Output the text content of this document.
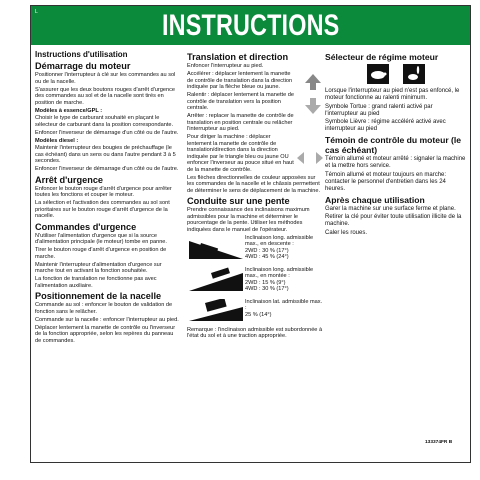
L	INSTRUCTIONS
Instructions d'utilisation
Démarrage du moteur

Positionner l'interrupteur à clé sur les commandes au sol ou de la nacelle.

S'assurer que les deux boutons rouges d'arrêt d'urgence des commandes au sol et de la nacelle sont tirés en position de marche.

Modèles à essence/GPL :

Choisir le type de carburant souhaité en plaçant le sélecteur de carburant dans la position correspondante.

Enfoncer l'inverseur de démarrage d'un côté ou de l'autre.

Modèles diesel :

Maintenir l'interrupteur des bougies de préchauffage (le cas échéant) dans un sens ou dans l'autre pendant 3 à 5 secondes.

Enfoncer l'inverseur de démarrage d'un côté ou de l'autre.

Arrêt d'urgence

Enfoncer le bouton rouge d'arrêt d'urgence pour arrêter toutes les fonctions et couper le moteur.

La sélection et l'activation des commandes au sol sont prioritaires sur le bouton rouge d'arrêt d'urgence de la nacelle.

Commandes d'urgence

N'utiliser l'alimentation d'urgence que si la source d'alimentation principale (le moteur) tombe en panne.

Tirer le bouton rouge d'arrêt d'urgence en position de marche.

Maintenir l'interrupteur d'alimentation d'urgence sur marche tout en activant la fonction souhaitée.

La fonction de translation ne fonctionne pas avec l'alimentation auxiliaire.

Positionnement de la nacelle

Commande au sol : enfoncer le bouton de validation de fonction sans le relâcher.

Commande sur la nacelle : enfoncer l'interrupteur au pied.

Déplacer lentement la manette de contrôle ou l'inverseur de la fonction appropriée, selon les repères du panneau de commandes.

Translation et direction

Enfoncer l'interrupteur au pied.

Accélérer : déplacer lentement la manette de contrôle de translation dans la direction indiquée par la flèche bleue ou jaune.

Ralentir : déplacer lentement la manette de contrôle de translation vers la position centrale.

Arrêter : replacer la manette de contrôle de translation en position centrale ou relâcher l'interrupteur au pied.

Pour diriger la machine : déplacer lentement la manette de contrôle de translation/direction dans la direction indiquée par le triangle bleu ou jaune OU enfoncer l'inverseur au pouce situé en haut de la manette de contrôle.

Les flèches directionnelles de couleur apposées sur les commandes de la nacelle et le châssis permettent de déterminer le sens de déplacement de la machine.

Conduite sur une pente

Prendre connaissance des inclinaisons maximum admissibles pour la machine et déterminer le pourcentage de la pente. Utiliser les méthodes indiquées dans le manuel de l'opérateur.

Inclinaison long. admissible max., en descente :

2WD : 30 % (17°)

4WD : 45 % (24°)

Inclinaison long. admissible max., en montée :

2WD : 15 % (9°)

4WD : 30 % (17°)

Inclinaison lat. admissible max. :

25 % (14°)

Remarque : l'inclinaison admissible est subordonnée à l'état du sol et à une traction appropriée.

Sélecteur de régime moteur

Lorsque l'interrupteur au pied n'est pas enfoncé, le moteur fonctionne au ralenti minimum.

Symbole Tortue : grand ralenti activé par l'interrupteur au pied

Symbole Lièvre : régime accéléré activé avec interrupteur au pied

Témoin de contrôle du moteur (le cas échéant)

Témoin allumé et moteur arrêté : signaler la machine et la mettre hors service.

Témoin allumé et moteur toujours en marche: contacter le personnel d'entretien dans les 24 heures.

Après chaque utilisation

Garer la machine sur une surface ferme et plane.

Retirer la clé pour éviter toute utilisation illicite de la machine.

Caler les roues.

133374FR B
